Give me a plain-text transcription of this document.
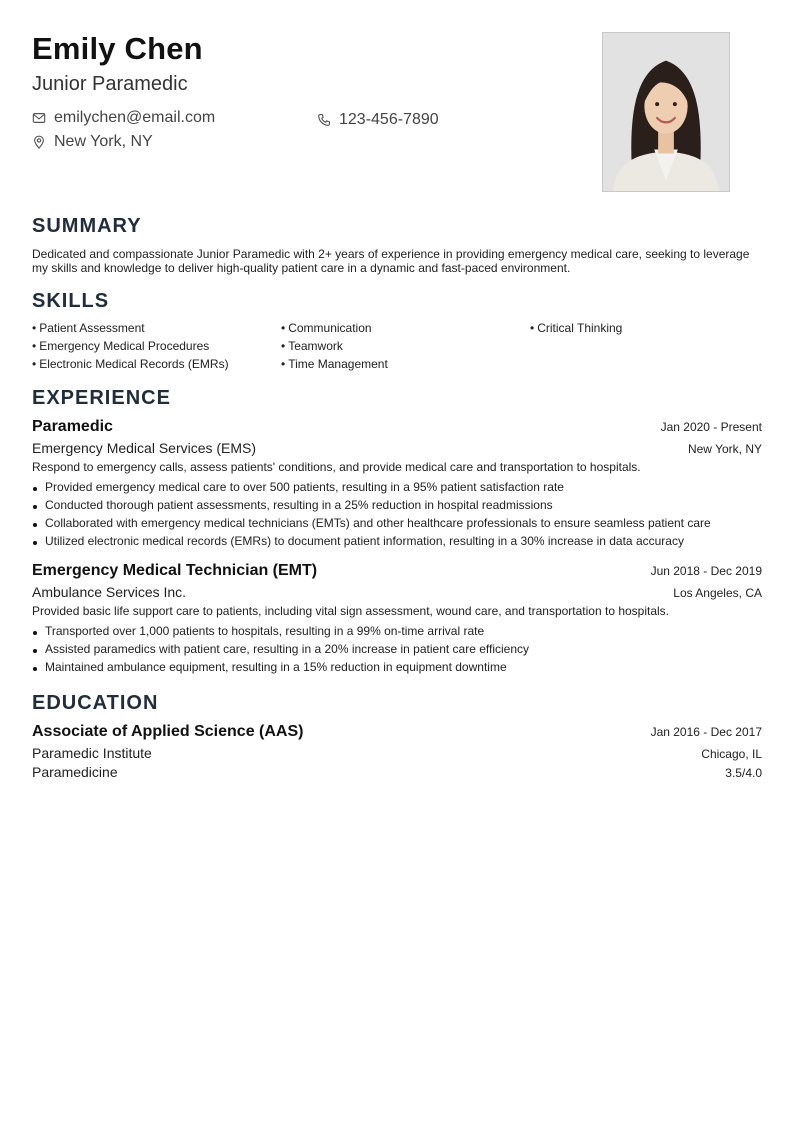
Emily Chen
Junior Paramedic
emilychen@email.com	123-456-7890
New York, NY
SUMMARY
Dedicated and compassionate Junior Paramedic with 2+ years of experience in providing emergency medical care, seeking to leverage my skills and knowledge to deliver high-quality patient care in a dynamic and fast-paced environment.
SKILLS
• Patient Assessment	• Communication	• Critical Thinking
• Emergency Medical Procedures	• Teamwork
• Electronic Medical Records (EMRs)	• Time Management
EXPERIENCE
Paramedic	Jan 2020 - Present
Emergency Medical Services (EMS)	New York, NY
Respond to emergency calls, assess patients' conditions, and provide medical care and transportation to hospitals.
Provided emergency medical care to over 500 patients, resulting in a 95% patient satisfaction rate
Conducted thorough patient assessments, resulting in a 25% reduction in hospital readmissions
Collaborated with emergency medical technicians (EMTs) and other healthcare professionals to ensure seamless patient care
Utilized electronic medical records (EMRs) to document patient information, resulting in a 30% increase in data accuracy
Emergency Medical Technician (EMT)	Jun 2018 - Dec 2019
Ambulance Services Inc.	Los Angeles, CA
Provided basic life support care to patients, including vital sign assessment, wound care, and transportation to hospitals.
Transported over 1,000 patients to hospitals, resulting in a 99% on-time arrival rate
Assisted paramedics with patient care, resulting in a 20% increase in patient care efficiency
Maintained ambulance equipment, resulting in a 15% reduction in equipment downtime
EDUCATION
Associate of Applied Science (AAS)	Jan 2016 - Dec 2017
Paramedic Institute	Chicago, IL
Paramedicine	3.5/4.0
